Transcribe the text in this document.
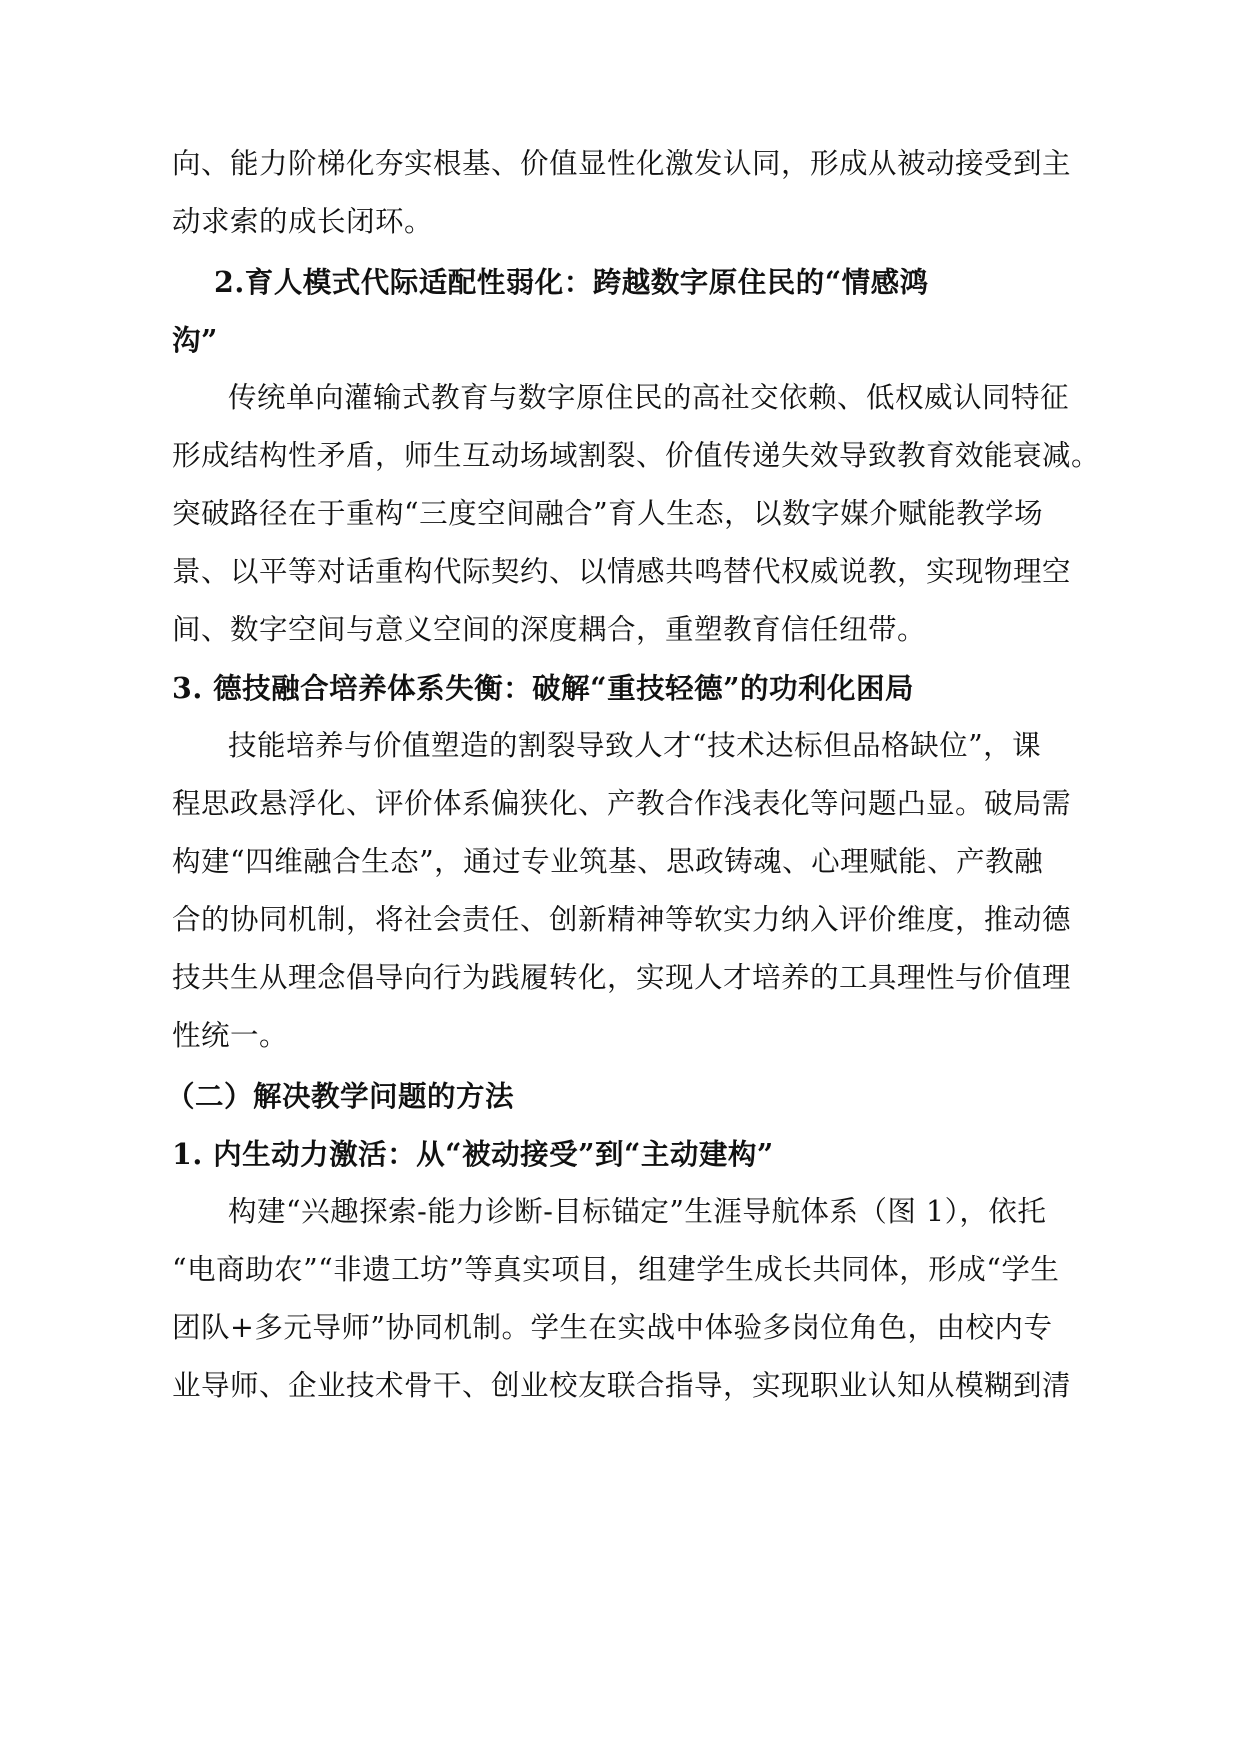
向、能力阶梯化夯实根基、价值显性化激发认同，形成从被动接受到主
动求索的成长闭环。
2.育人模式代际适配性弱化：跨越数字原住民的“情感鸿
沟”
传统单向灌输式教育与数字原住民的高社交依赖、低权威认同特征
形成结构性矛盾，师生互动场域割裂、价值传递失效导致教育效能衰减。
突破路径在于重构“三度空间融合”育人生态，以数字媒介赋能教学场
景、以平等对话重构代际契约、以情感共鸣替代权威说教，实现物理空
间、数字空间与意义空间的深度耦合，重塑教育信任纽带。
3. 德技融合培养体系失衡：破解“重技轻德”的功利化困局
技能培养与价值塑造的割裂导致人才“技术达标但品格缺位”，课
程思政悬浮化、评价体系偏狭化、产教合作浅表化等问题凸显。破局需
构建“四维融合生态”，通过专业筑基、思政铸魂、心理赋能、产教融
合的协同机制，将社会责任、创新精神等软实力纳入评价维度，推动德
技共生从理念倡导向行为践履转化，实现人才培养的工具理性与价值理
性统一。
（二）解决教学问题的方法
1. 内生动力激活：从“被动接受”到“主动建构”
构建“兴趣探索-能力诊断-目标锚定”生涯导航体系（图 1），依托
“电商助农”“非遗工坊”等真实项目，组建学生成长共同体，形成“学生
团队+多元导师”协同机制。学生在实战中体验多岗位角色，由校内专
业导师、企业技术骨干、创业校友联合指导，实现职业认知从模糊到清
